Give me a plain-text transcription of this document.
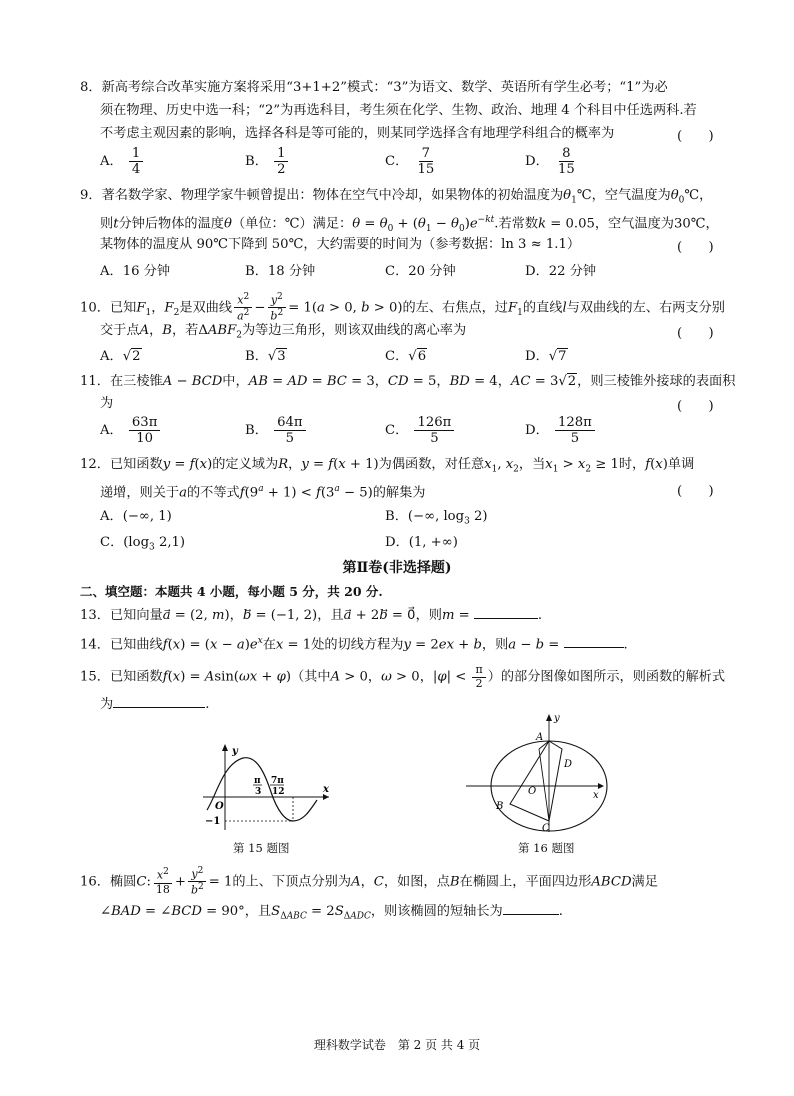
8．新高考综合改革实施方案将采用“3+1+2”模式：“3”为语文、数学、英语所有学生必考；“1”为必
须在物理、历史中选一科；“2”为再选科目，考生须在化学、生物、政治、地理 4 个科目中任选两科.若
不考虑主观因素的影响，选择各科是等可能的，则某同学选择含有地理学科组合的概率为	(　　)
A． $\frac{1}{4}$	B． $\frac{1}{2}$	C． $\frac{7}{15}$	D． $\frac{8}{15}$
9．著名数学家、物理学家牛顿曾提出：物体在空气中冷却，如果物体的初始温度为$\theta_1℃$，空气温度为$\theta_0℃$，
则t分钟后物体的温度θ（单位：℃）满足：$\theta = \theta_0 + (\theta_1 - \theta_0)e^{-kt}$.若常数k = 0.05，空气温度为30℃，
某物体的温度从 90℃下降到 50℃，大约需要的时间为（参考数据：ln 3 ≈ 1.1）	(　　)
A．16 分钟	B．18 分钟	C．20 分钟	D．22 分钟
10．已知$F_1$，$F_2$是双曲线 $\frac{x^2}{a^2} - \frac{y^2}{b^2} = 1(a > 0$, b > 0)的左、右焦点，过$F_1$的直线l与双曲线的左、右两支分别
交于点A，B，若$\Delta ABF_2$为等边三角形，则该双曲线的离心率为	(　　)
A．√2	B．√3	C．√6	D．√7
11．在三棱锥A − BCD中，AB = AD = BC = 3，CD = 5，BD = 4，AC = 3√2，则三棱锥外接球的表面积
为	(　　)
A． $\frac{63\pi}{10}$	B． $\frac{64\pi}{5}$	C． $\frac{126\pi}{5}$	D． $\frac{128\pi}{5}$
12．已知函数y = f(x)的定义域为R，y = f(x + 1)为偶函数，对任意$x_1$, $x_2$，当$x_1 > x_2 \ge 1$时，f(x)单调
递增，则关于a的不等式$f(9^a + 1) < f(3^a - 5)$的解集为	(　　)
A．(−∞, 1)	B．(−∞, $\log_3 2$)
C．($\log_3$ 2,1)	D．(1, +∞)
第Ⅱ卷(非选择题)
二、填空题：本题共 4 小题，每小题 5 分，共 20 分.
13．已知向量a⃗ = (2, m)，b⃗ = (−1, 2)，且a⃗ + 2b⃗ = 0⃗，则m =	.
14．已知曲线$f(x) = (x - a)e^x$在x = 1处的切线方程为y = 2ex + b，则a − b =	.
15．已知函数f(x) = Asin(ωx + φ)（其中A > 0，ω > 0，$|\varphi| < \frac{\pi}{2}$ ）的部分图像如图所示，则函数的解析式
为	.
y
x
O
−1
π
3
7π
12
第 15 题图
y
x
O
A
D
B
C
第 16 题图
16．椭圆C: $\frac{x^2}{18} + \frac{y^2}{b^2} = 1$的上、下顶点分别为A，C，如图，点B在椭圆上，平面四边形ABCD满足
∠BAD = ∠BCD = 90°，且$S_{\Delta ABC} = 2S_{\Delta ADC}$，则该椭圆的短轴长为	.
理科数学试卷　第 2 页 共 4 页
